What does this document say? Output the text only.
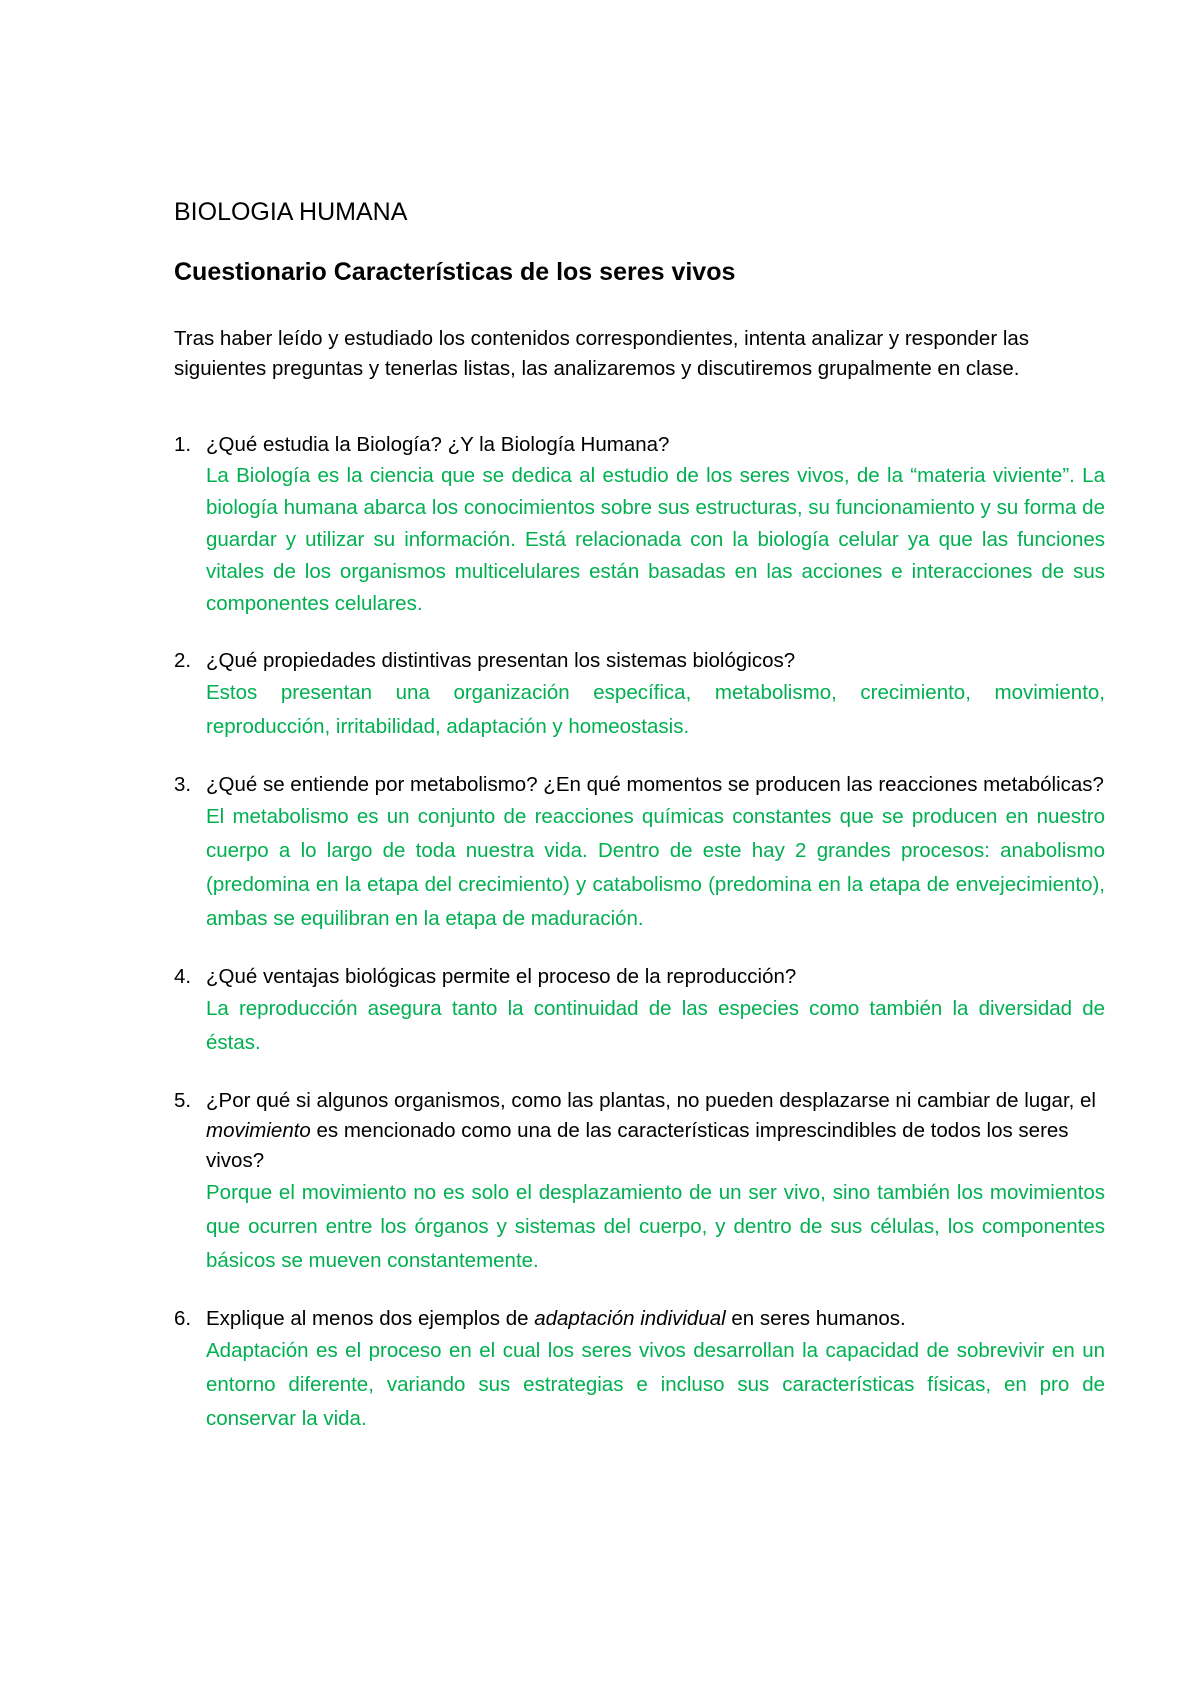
BIOLOGIA HUMANA
Cuestionario Características de los seres vivos
Tras haber leído y estudiado los contenidos correspondientes, intenta analizar y responder las siguientes preguntas y tenerlas listas, las analizaremos y discutiremos grupalmente en clase.
1. ¿Qué estudia la Biología? ¿Y la Biología Humana?
La Biología es la ciencia que se dedica al estudio de los seres vivos, de la “materia viviente”. La biología humana abarca los conocimientos sobre sus estructuras, su funcionamiento y su forma de guardar y utilizar su información. Está relacionada con la biología celular ya que las funciones vitales de los organismos multicelulares están basadas en las acciones e interacciones de sus componentes celulares.
2. ¿Qué propiedades distintivas presentan los sistemas biológicos?
Estos presentan una organización específica, metabolismo, crecimiento, movimiento, reproducción, irritabilidad, adaptación y homeostasis.
3. ¿Qué se entiende por metabolismo? ¿En qué momentos se producen las reacciones metabólicas?
El metabolismo es un conjunto de reacciones químicas constantes que se producen en nuestro cuerpo a lo largo de toda nuestra vida. Dentro de este hay 2 grandes procesos: anabolismo (predomina en la etapa del crecimiento) y catabolismo (predomina en la etapa de envejecimiento), ambas se equilibran en la etapa de maduración.
4. ¿Qué ventajas biológicas permite el proceso de la reproducción?
La reproducción asegura tanto la continuidad de las especies como también la diversidad de éstas.
5. ¿Por qué si algunos organismos, como las plantas, no pueden desplazarse ni cambiar de lugar, el movimiento es mencionado como una de las características imprescindibles de todos los seres vivos?
Porque el movimiento no es solo el desplazamiento de un ser vivo, sino también los movimientos que ocurren entre los órganos y sistemas del cuerpo, y dentro de sus células, los componentes básicos se mueven constantemente.
6. Explique al menos dos ejemplos de adaptación individual en seres humanos.
Adaptación es el proceso en el cual los seres vivos desarrollan la capacidad de sobrevivir en un entorno diferente, variando sus estrategias e incluso sus características físicas, en pro de conservar la vida.
